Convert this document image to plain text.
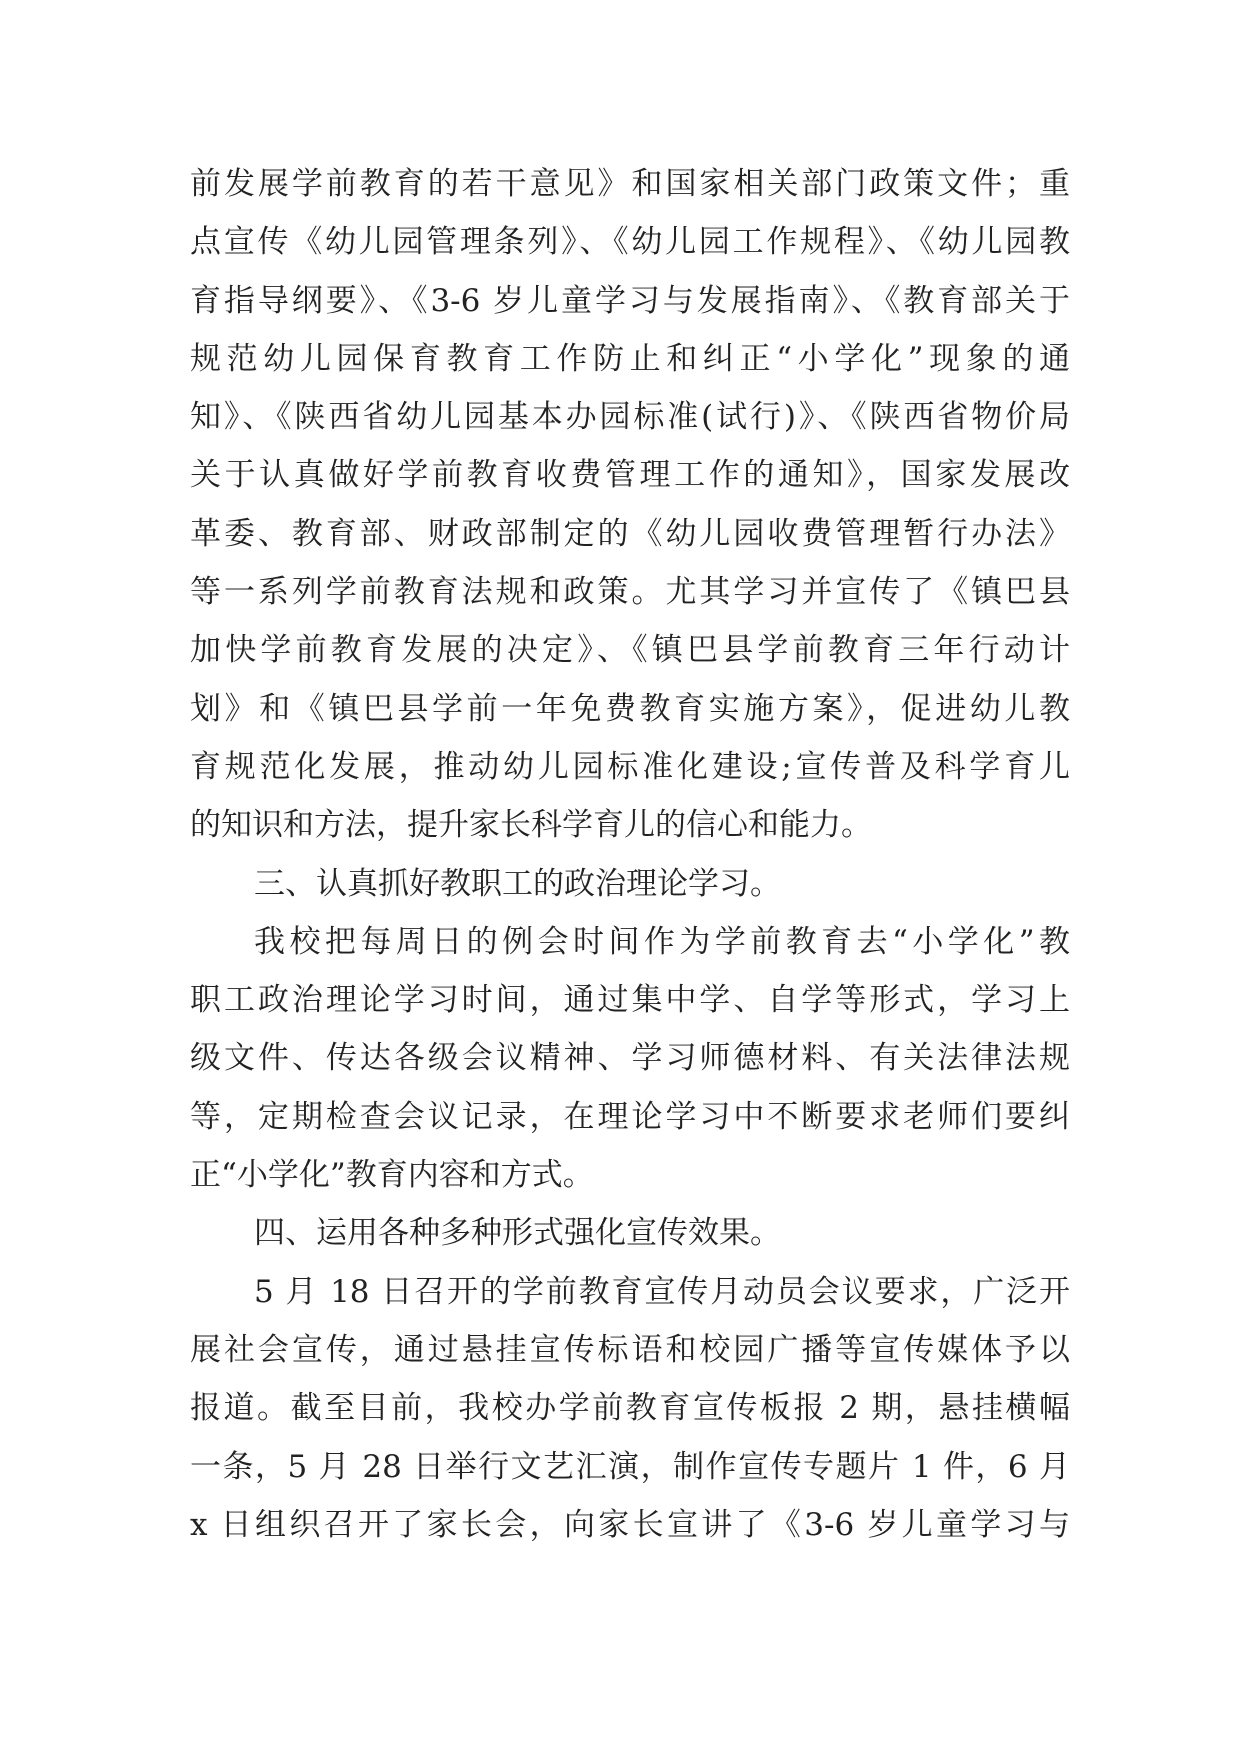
前发展学前教育的若干意见》和国家相关部门政策文件；重
点宣传《幼儿园管理条列》、《幼儿园工作规程》、《幼儿园教
育指导纲要》、《3-6 岁儿童学习与发展指南》、《教育部关于
规范幼儿园保育教育工作防止和纠正“小学化”现象的通
知》、《陕西省幼儿园基本办园标准(试行)》、《陕西省物价局
关于认真做好学前教育收费管理工作的通知》，国家发展改
革委、教育部、财政部制定的《幼儿园收费管理暂行办法》
等一系列学前教育法规和政策。尤其学习并宣传了《镇巴县
加快学前教育发展的决定》、《镇巴县学前教育三年行动计
划》和《镇巴县学前一年免费教育实施方案》，促进幼儿教
育规范化发展，推动幼儿园标准化建设;宣传普及科学育儿
的知识和方法，提升家长科学育儿的信心和能力。
三、认真抓好教职工的政治理论学习。
我校把每周日的例会时间作为学前教育去“小学化”教
职工政治理论学习时间，通过集中学、自学等形式，学习上
级文件、传达各级会议精神、学习师德材料、有关法律法规
等，定期检查会议记录，在理论学习中不断要求老师们要纠
正“小学化”教育内容和方式。
四、运用各种多种形式强化宣传效果。
5 月 18 日召开的学前教育宣传月动员会议要求，广泛开
展社会宣传，通过悬挂宣传标语和校园广播等宣传媒体予以
报道。截至目前，我校办学前教育宣传板报 2 期，悬挂横幅
一条，5 月 28 日举行文艺汇演，制作宣传专题片 1 件，6 月
x 日组织召开了家长会，向家长宣讲了《3-6 岁儿童学习与
